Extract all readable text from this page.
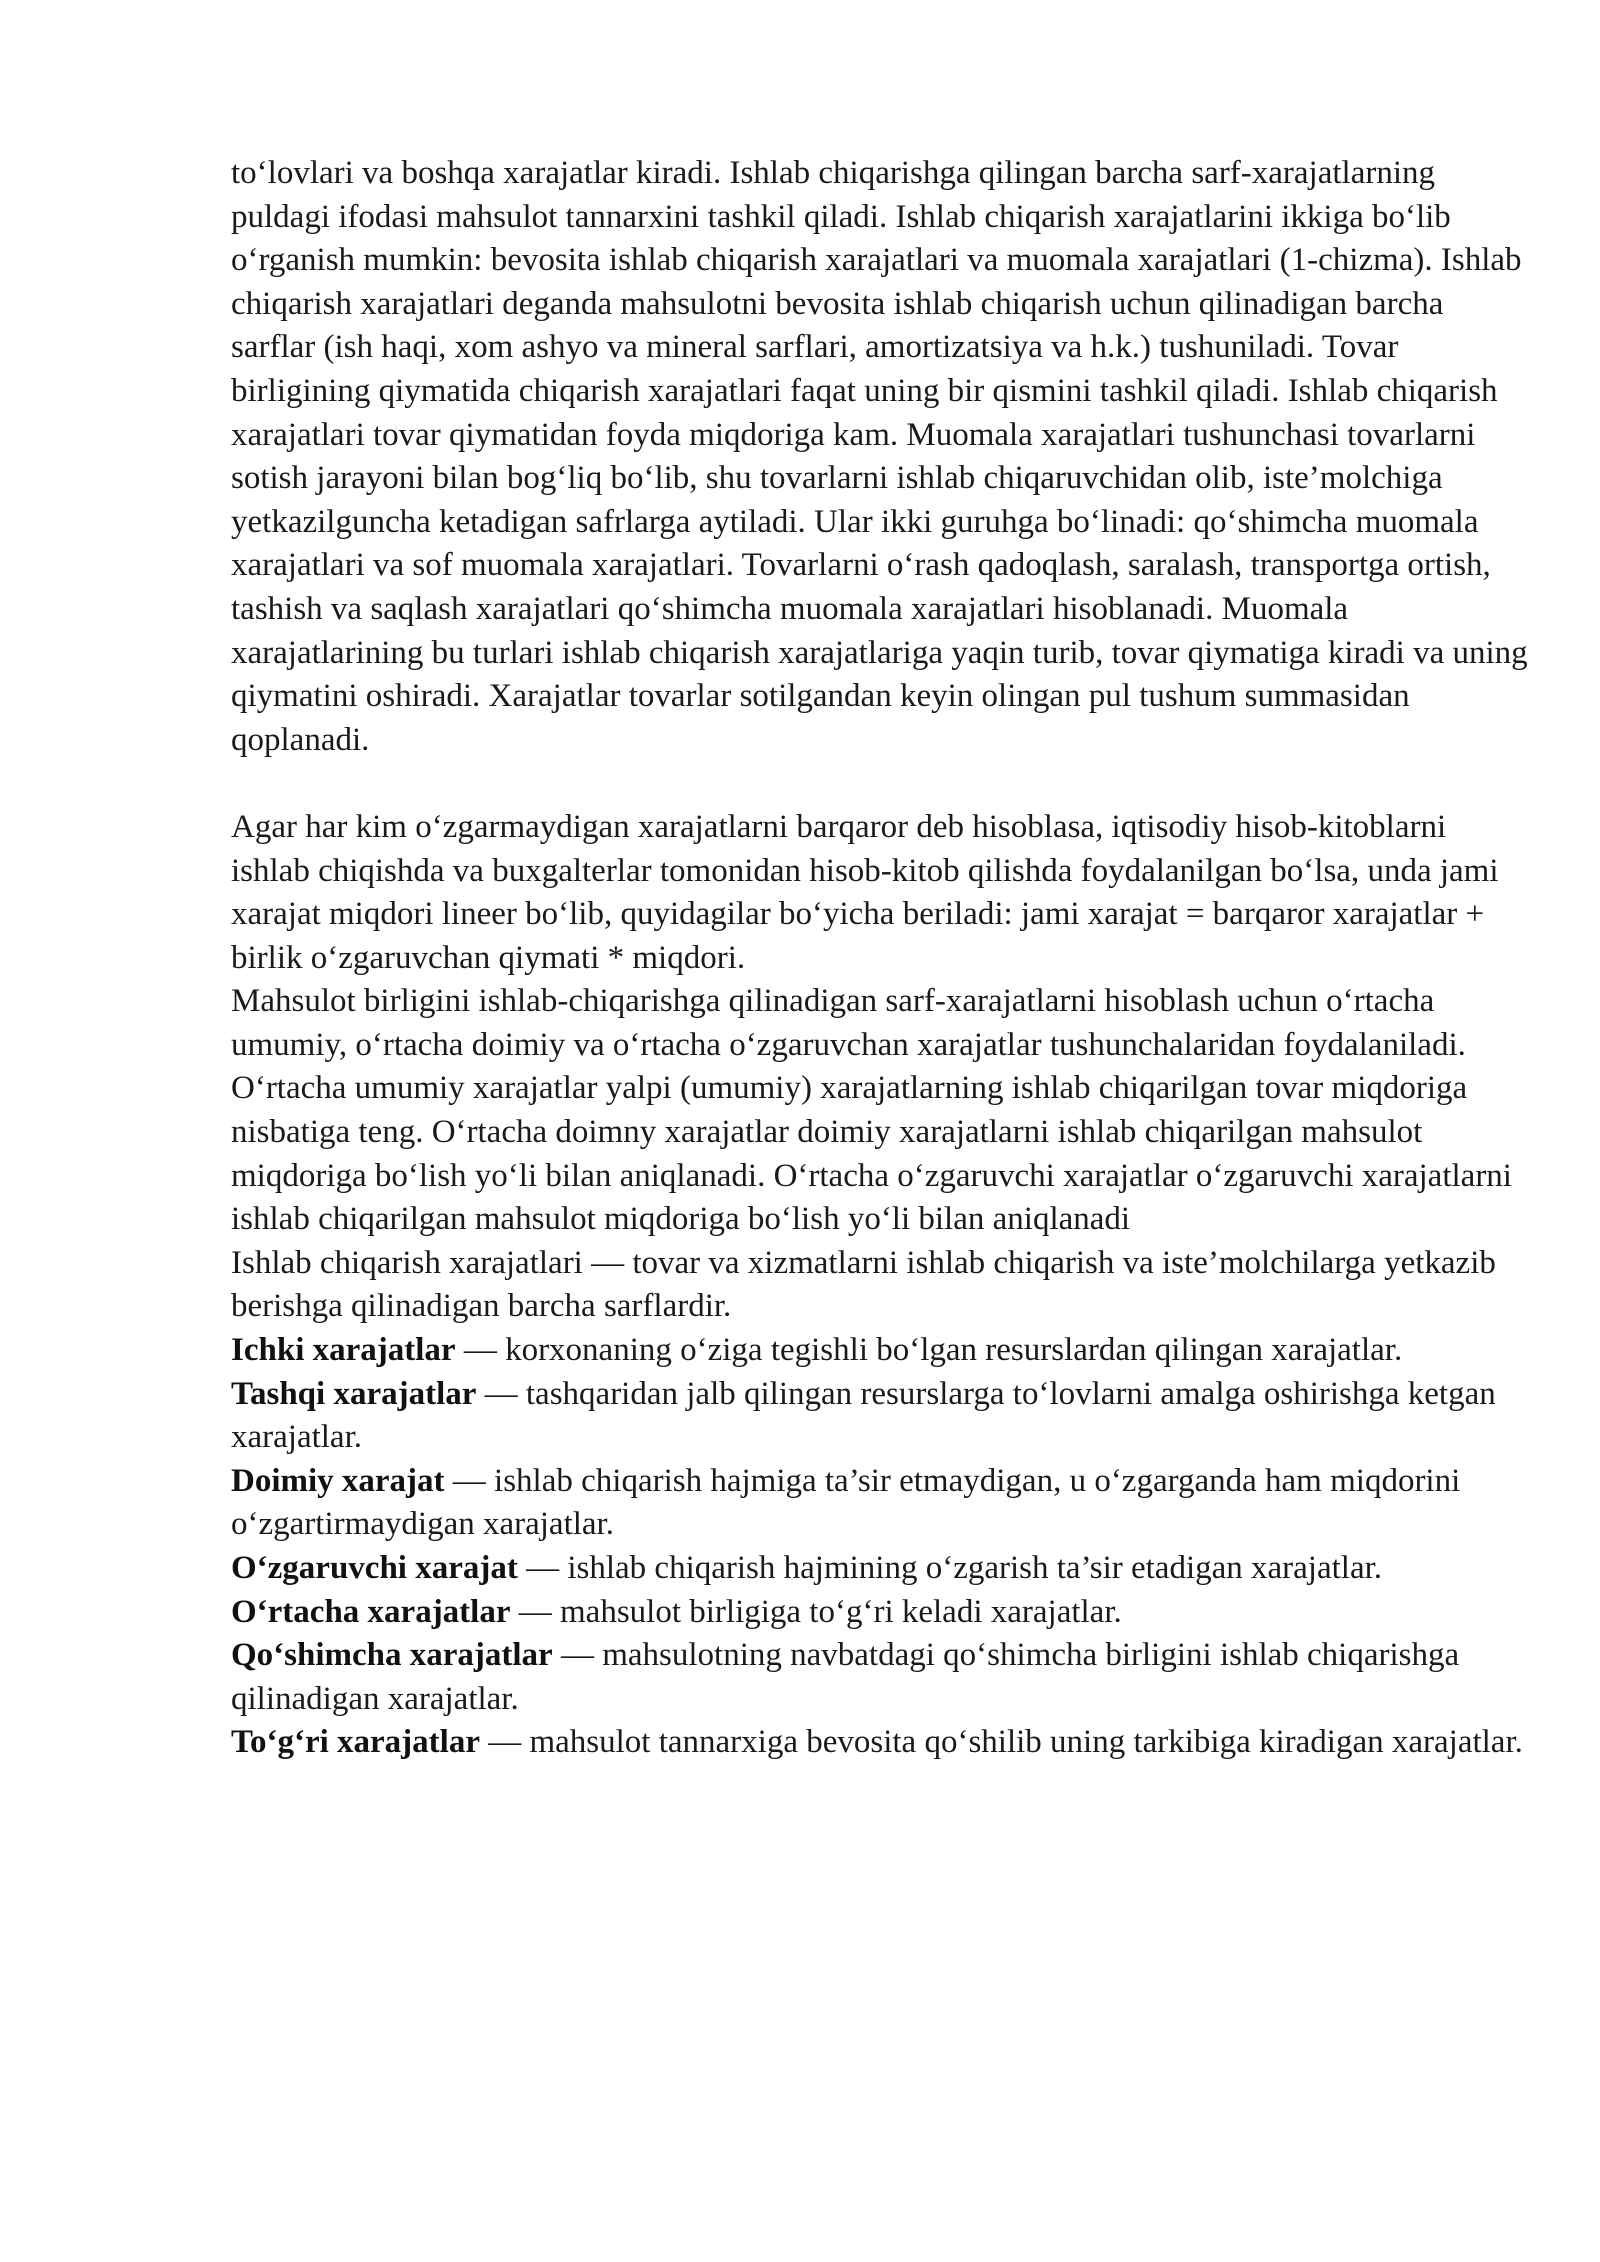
to‘lovlari va boshqa xarajatlar kiradi. Ishlab chiqarishga qilingan barcha sarf-xarajatlarning puldagi ifodasi mahsulot tannarxini tashkil qiladi. Ishlab chiqarish xarajatlarini ikkiga bo‘lib o‘rganish mumkin: bevosita ishlab chiqarish xarajatlari va muomala xarajatlari (1-chizma). Ishlab chiqarish xarajatlari deganda mahsulotni bevosita ishlab chiqarish uchun qilinadigan barcha sarflar (ish haqi, xom ashyo va mineral sarflari, amortizatsiya va h.k.) tushuniladi. Tovar birligining qiymatida chiqarish xarajatlari faqat uning bir qismini tashkil qiladi. Ishlab chiqarish xarajatlari tovar qiymatidan foyda miqdoriga kam. Muomala xarajatlari tushunchasi tovarlarni sotish jarayoni bilan bog‘liq bo‘lib, shu tovarlarni ishlab chiqaruvchidan olib, iste’molchiga yetkazilguncha ketadigan safrlarga aytiladi. Ular ikki guruhga bo‘linadi: qo‘shimcha muomala xarajatlari va sof muomala xarajatlari. Tovarlarni o‘rash qadoqlash, saralash, transportga ortish, tashish va saqlash xarajatlari qo‘shimcha muomala xarajatlari hisoblanadi. Muomala xarajatlarining bu turlari ishlab chiqarish xarajatlariga yaqin turib, tovar qiymatiga kiradi va uning qiymatini oshiradi. Xarajatlar tovarlar sotilgandan keyin olingan pul tushum summasidan qoplanadi.

Agar har kim o‘zgarmaydigan xarajatlarni barqaror deb hisoblasa, iqtisodiy hisob-kitoblarni ishlab chiqishda va buxgalterlar tomonidan hisob-kitob qilishda foydalanilgan bo‘lsa, unda jami xarajat miqdori lineer bo‘lib, quyidagilar bo‘yicha beriladi: jami xarajat = barqaror xarajatlar + birlik o‘zgaruvchan qiymati * miqdori.

Mahsulot birligini ishlab-chiqarishga qilinadigan sarf-xarajatlarni hisoblash uchun o‘rtacha umumiy, o‘rtacha doimiy va o‘rtacha o‘zgaruvchan xarajatlar tushunchalaridan foydalaniladi. O‘rtacha umumiy xarajatlar yalpi (umumiy) xarajatlarning ishlab chiqarilgan tovar miqdoriga nisbatiga teng. O‘rtacha doimny xarajatlar doimiy xarajatlarni ishlab chiqarilgan mahsulot miqdoriga bo‘lish yo‘li bilan aniqlanadi. O‘rtacha o‘zgaruvchi xarajatlar o‘zgaruvchi xarajatlarni ishlab chiqarilgan mahsulot miqdoriga bo‘lish yo‘li bilan aniqlanadi

Ishlab chiqarish xarajatlari — tovar va xizmatlarni ishlab chiqarish va iste’molchilarga yetkazib berishga qilinadigan barcha sarflardir.

Ichki xarajatlar — korxonaning o‘ziga tegishli bo‘lgan resurslardan qilingan xarajatlar.

Tashqi xarajatlar — tashqaridan jalb qilingan resurslarga to‘lovlarni amalga oshirishga ketgan xarajatlar.

Doimiy xarajat — ishlab chiqarish hajmiga ta’sir etmaydigan, u o‘zgarganda ham miqdorini o‘zgartirmaydigan xarajatlar.

O‘zgaruvchi xarajat — ishlab chiqarish hajmining o‘zgarish ta’sir etadigan xarajatlar.

O‘rtacha xarajatlar — mahsulot birligiga to‘g‘ri keladi xarajatlar.

Qo‘shimcha xarajatlar — mahsulotning navbatdagi qo‘shimcha birligini ishlab chiqarishga qilinadigan xarajatlar.

To‘g‘ri xarajatlar — mahsulot tannarxiga bevosita qo‘shilib uning tarkibiga kiradigan xarajatlar.
